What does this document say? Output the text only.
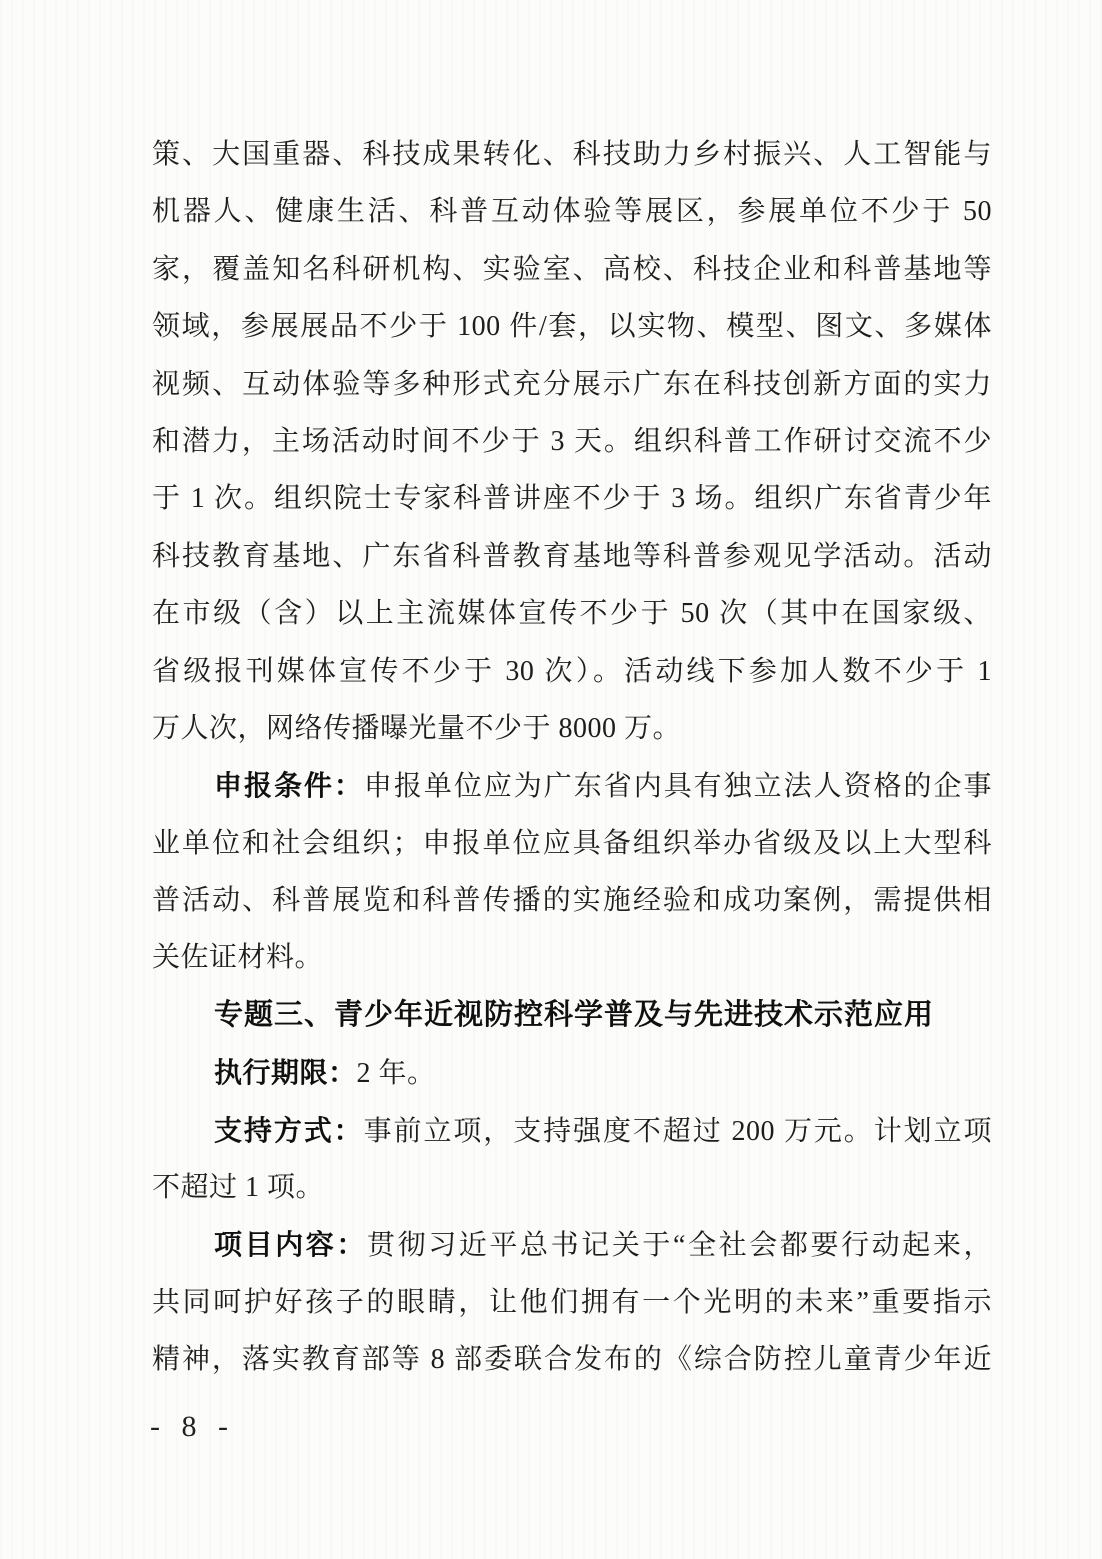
策、大国重器、科技成果转化、科技助力乡村振兴、人工智能与
机器人、健康生活、科普互动体验等展区，参展单位不少于 50
家，覆盖知名科研机构、实验室、高校、科技企业和科普基地等
领域，参展展品不少于 100 件/套，以实物、模型、图文、多媒体
视频、互动体验等多种形式充分展示广东在科技创新方面的实力
和潜力，主场活动时间不少于 3 天。组织科普工作研讨交流不少
于 1 次。组织院士专家科普讲座不少于 3 场。组织广东省青少年
科技教育基地、广东省科普教育基地等科普参观见学活动。活动
在市级（含）以上主流媒体宣传不少于 50 次（其中在国家级、
省级报刊媒体宣传不少于 30 次）。活动线下参加人数不少于 1
万人次，网络传播曝光量不少于 8000 万。
申报条件：申报单位应为广东省内具有独立法人资格的企事
业单位和社会组织；申报单位应具备组织举办省级及以上大型科
普活动、科普展览和科普传播的实施经验和成功案例，需提供相
关佐证材料。
专题三、青少年近视防控科学普及与先进技术示范应用
执行期限：2 年。
支持方式：事前立项，支持强度不超过 200 万元。计划立项
不超过 1 项。
项目内容：贯彻习近平总书记关于“全社会都要行动起来，
共同呵护好孩子的眼睛，让他们拥有一个光明的未来”重要指示
精神，落实教育部等 8 部委联合发布的《综合防控儿童青少年近
- 8 -
